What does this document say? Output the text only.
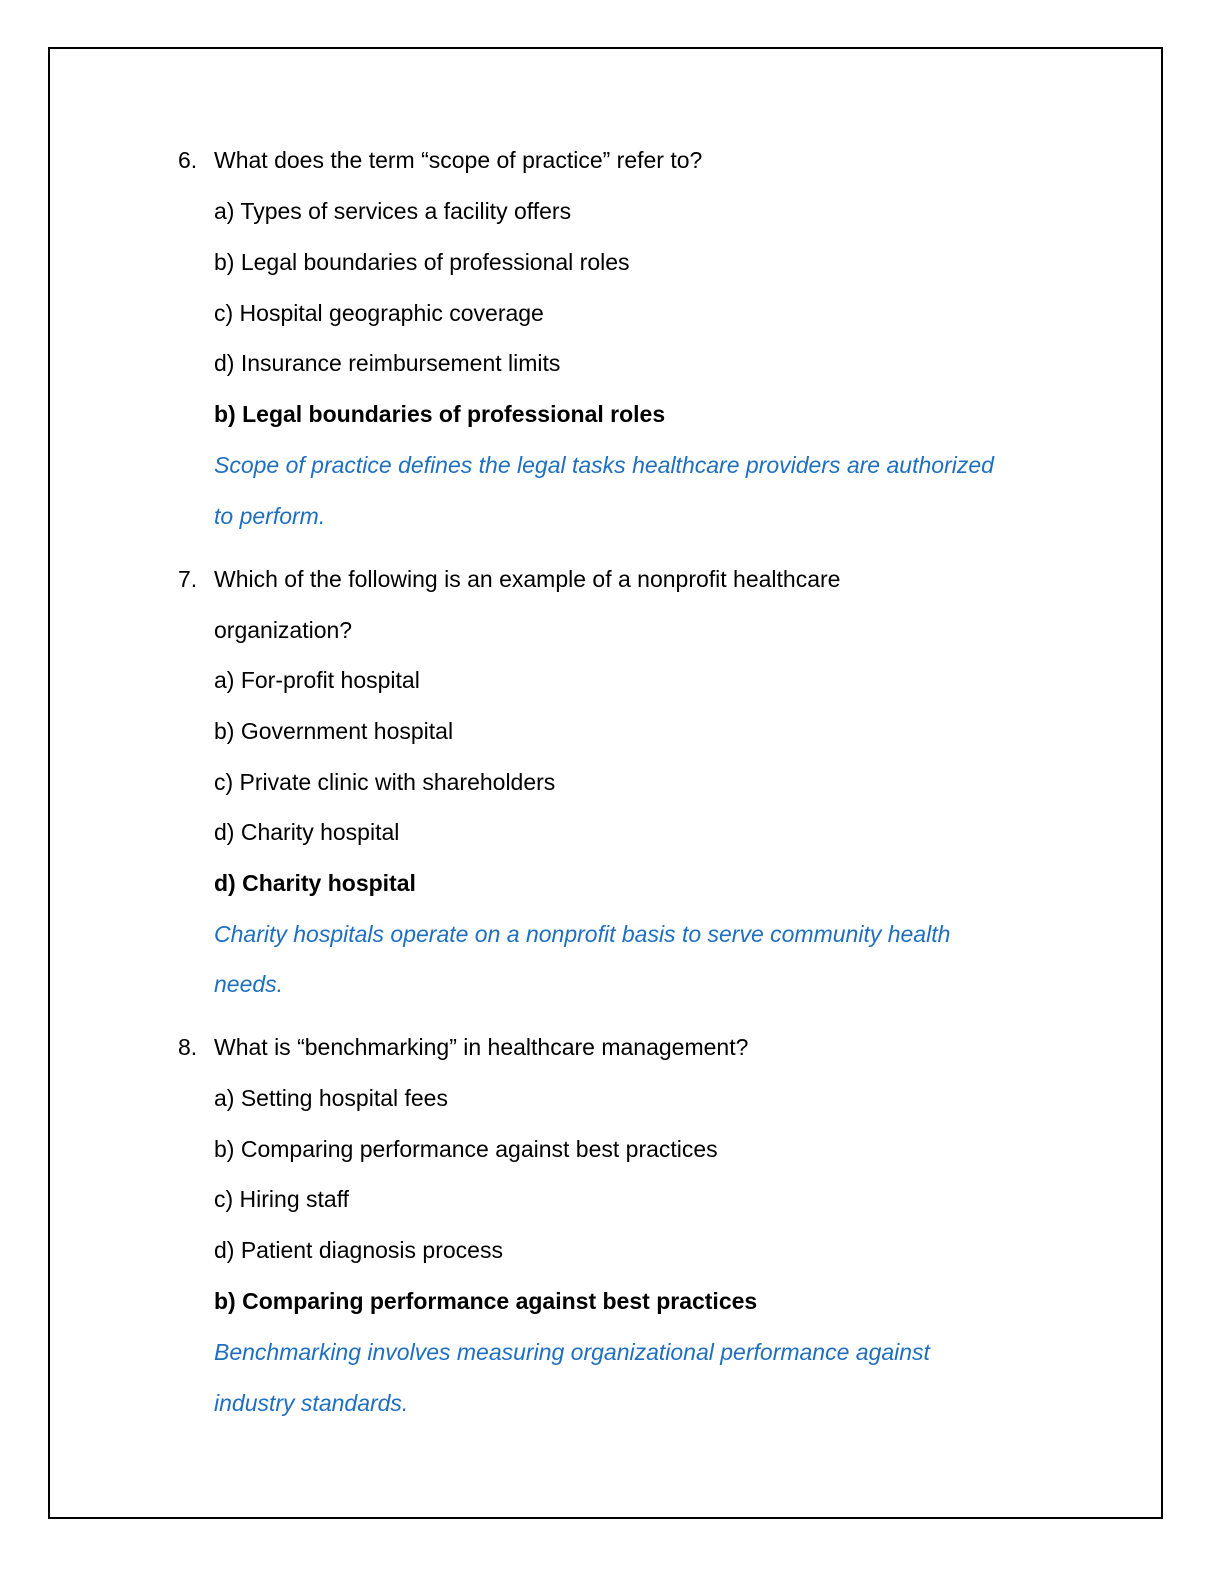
6. What does the term “scope of practice” refer to?
a) Types of services a facility offers
b) Legal boundaries of professional roles
c) Hospital geographic coverage
d) Insurance reimbursement limits
b) Legal boundaries of professional roles
Scope of practice defines the legal tasks healthcare providers are authorized
to perform.
7. Which of the following is an example of a nonprofit healthcare
organization?
a) For-profit hospital
b) Government hospital
c) Private clinic with shareholders
d) Charity hospital
d) Charity hospital
Charity hospitals operate on a nonprofit basis to serve community health
needs.
8. What is “benchmarking” in healthcare management?
a) Setting hospital fees
b) Comparing performance against best practices
c) Hiring staff
d) Patient diagnosis process
b) Comparing performance against best practices
Benchmarking involves measuring organizational performance against
industry standards.
